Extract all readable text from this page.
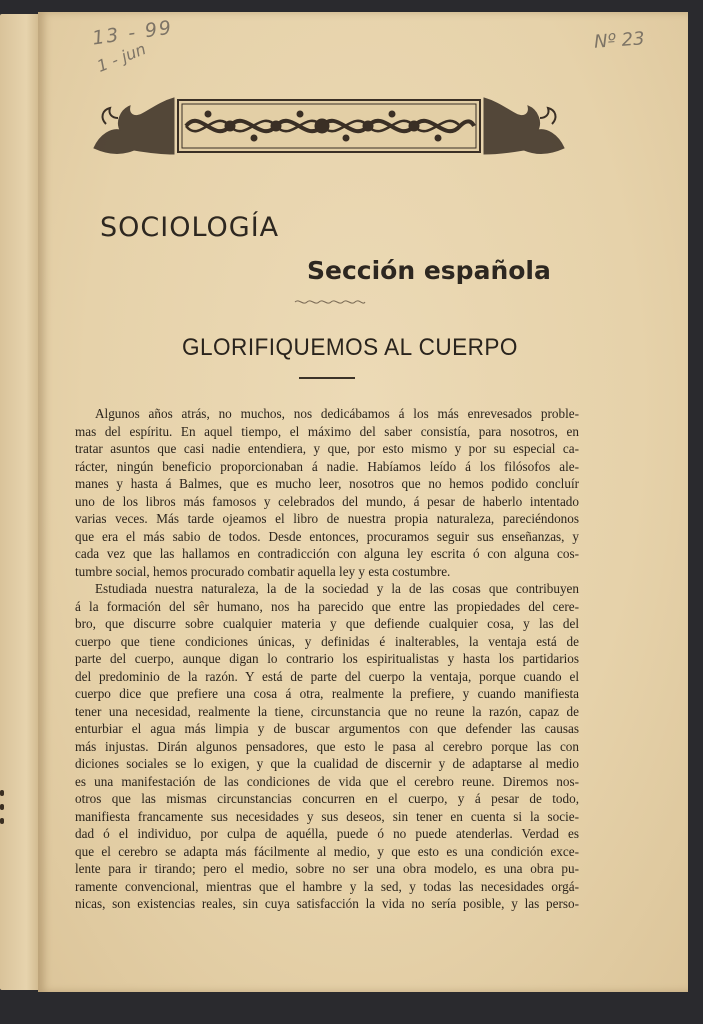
13 - 99
1 - jun	Nº 23
SOCIOLOGÍA
Sección española
GLORIFIQUEMOS AL CUERPO

Algunos años atrás, no muchos, nos dedicábamos á los más enrevesados proble-
mas del espíritu. En aquel tiempo, el máximo del saber consistía, para nosotros, en
tratar asuntos que casi nadie entendiera, y que, por esto mismo y por su especial ca-
rácter, ningún beneficio proporcionaban á nadie. Habíamos leído á los filósofos ale-
manes y hasta á Balmes, que es mucho leer, nosotros que no hemos podido concluír
uno de los libros más famosos y celebrados del mundo, á pesar de haberlo intentado
varias veces. Más tarde ojeamos el libro de nuestra propia naturaleza, pareciéndonos
que era el más sabio de todos. Desde entonces, procuramos seguir sus enseñanzas, y
cada vez que las hallamos en contradicción con alguna ley escrita ó con alguna cos-
tumbre social, hemos procurado combatir aquella ley y esta costumbre.

Estudiada nuestra naturaleza, la de la sociedad y la de las cosas que contribuyen
á la formación del sêr humano, nos ha parecido que entre las propiedades del cere-
bro, que discurre sobre cualquier materia y que defiende cualquier cosa, y las del
cuerpo que tiene condiciones únicas, y definidas é inalterables, la ventaja está de
parte del cuerpo, aunque digan lo contrario los espiritualistas y hasta los partidarios
del predominio de la razón. Y está de parte del cuerpo la ventaja, porque cuando el
cuerpo dice que prefiere una cosa á otra, realmente la prefiere, y cuando manifiesta
tener una necesidad, realmente la tiene, circunstancia que no reune la razón, capaz de
enturbiar el agua más limpia y de buscar argumentos con que defender las causas
más injustas. Dirán algunos pensadores, que esto le pasa al cerebro porque las con
diciones sociales se lo exigen, y que la cualidad de discernir y de adaptarse al medio
es una manifestación de las condiciones de vida que el cerebro reune. Diremos nos-
otros que las mismas circunstancias concurren en el cuerpo, y á pesar de todo,
manifiesta francamente sus necesidades y sus deseos, sin tener en cuenta si la socie-
dad ó el individuo, por culpa de aquélla, puede ó no puede atenderlas. Verdad es
que el cerebro se adapta más fácilmente al medio, y que esto es una condición exce-
lente para ir tirando; pero el medio, sobre no ser una obra modelo, es una obra pu-
ramente convencional, mientras que el hambre y la sed, y todas las necesidades orgá-
nicas, son existencias reales, sin cuya satisfacción la vida no sería posible, y las perso-
